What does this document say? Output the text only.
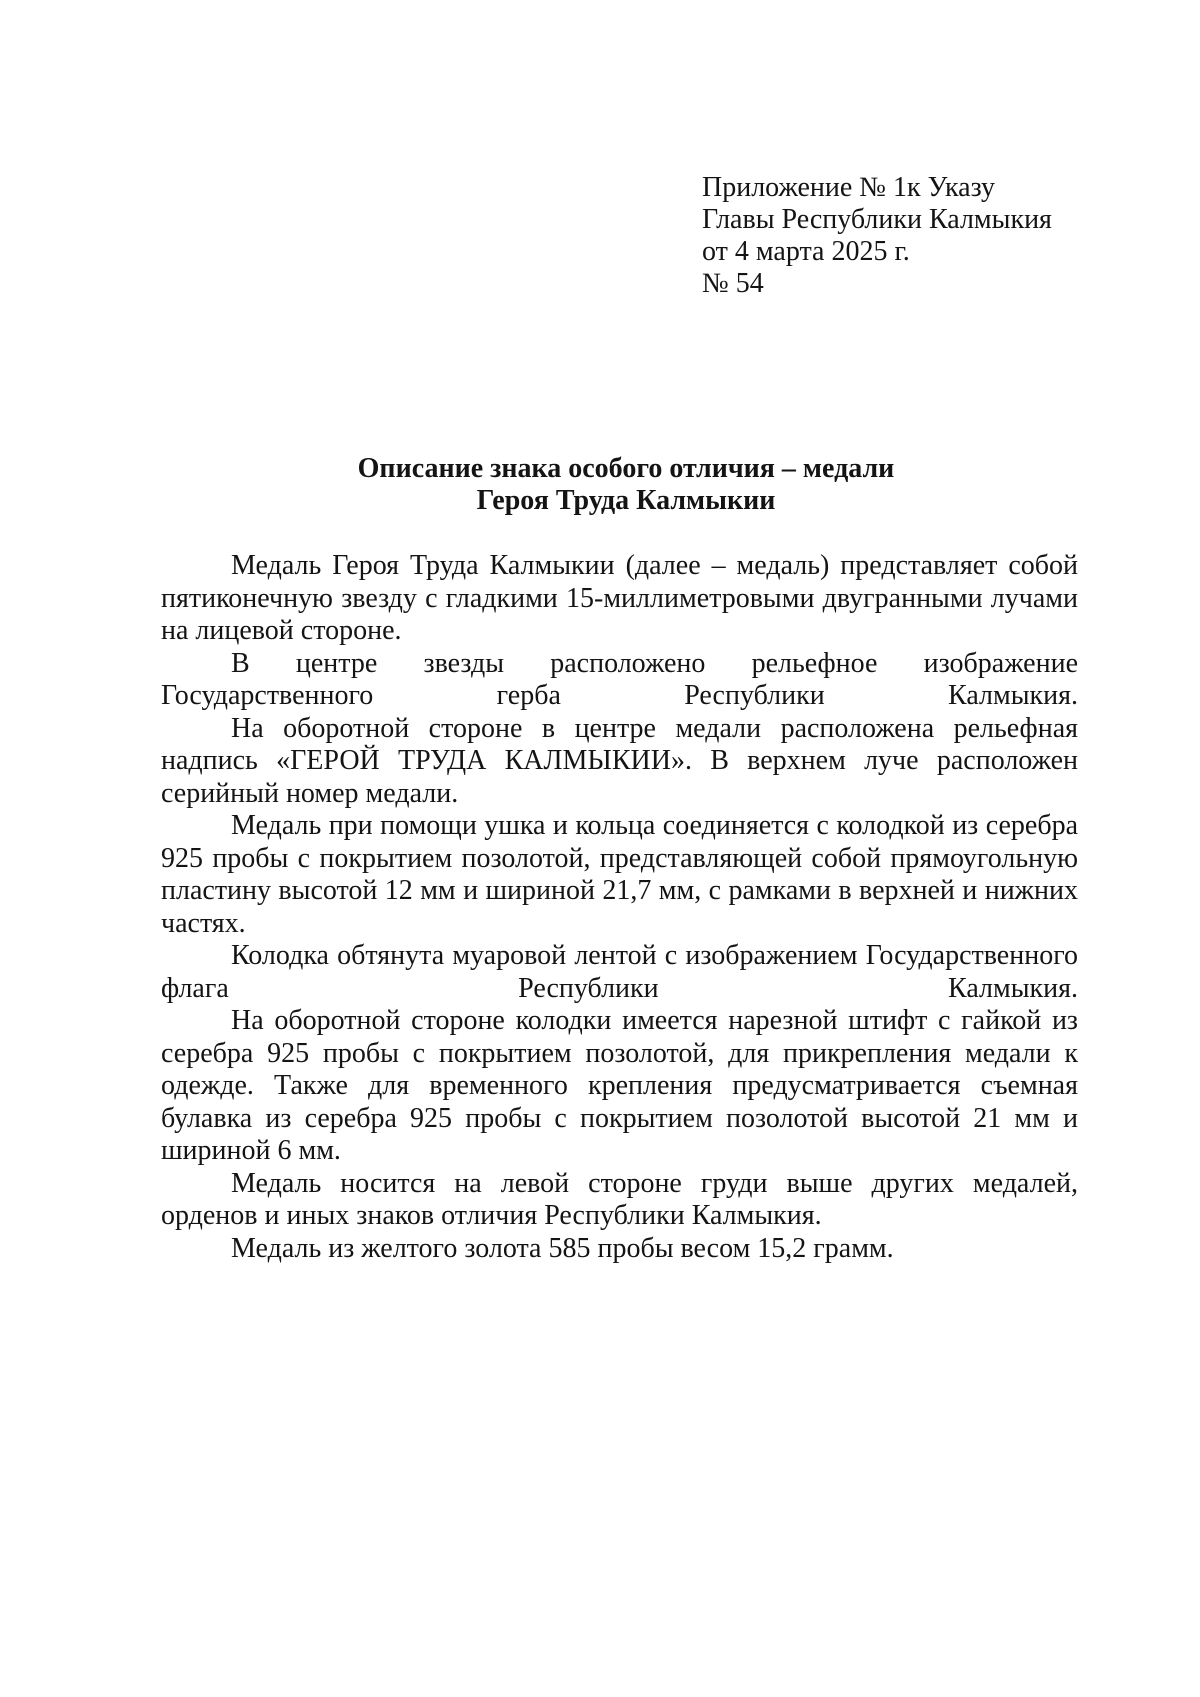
Приложение № 1к Указу
Главы Республики Калмыкия
от 4 марта 2025 г.
№ 54
Описание знака особого отличия – медали
Героя Труда Калмыкии

Медаль Героя Труда Калмыкии (далее – медаль) представляет собой пятиконечную звезду с гладкими 15-миллиметровыми двугранными лучами на лицевой стороне.

В центре звезды расположено рельефное изображение Государственного герба Республики Калмыкия.

На оборотной стороне в центре медали расположена рельефная надпись «ГЕРОЙ ТРУДА КАЛМЫКИИ». В верхнем луче расположен серийный номер медали.

Медаль при помощи ушка и кольца соединяется с колодкой из серебра 925 пробы с покрытием позолотой, представляющей собой прямоугольную пластину высотой 12 мм и шириной 21,7 мм, с рамками в верхней и нижних частях.

Колодка обтянута муаровой лентой с изображением Государственного флага Республики Калмыкия.

На оборотной стороне колодки имеется нарезной штифт с гайкой из серебра 925 пробы с покрытием позолотой, для прикрепления медали к одежде. Также для временного крепления предусматривается съемная булавка из серебра 925 пробы с покрытием позолотой высотой 21 мм и шириной 6 мм.

Медаль носится на левой стороне груди выше других медалей, орденов и иных знаков отличия Республики Калмыкия.

Медаль из желтого золота 585 пробы весом 15,2 грамм.
